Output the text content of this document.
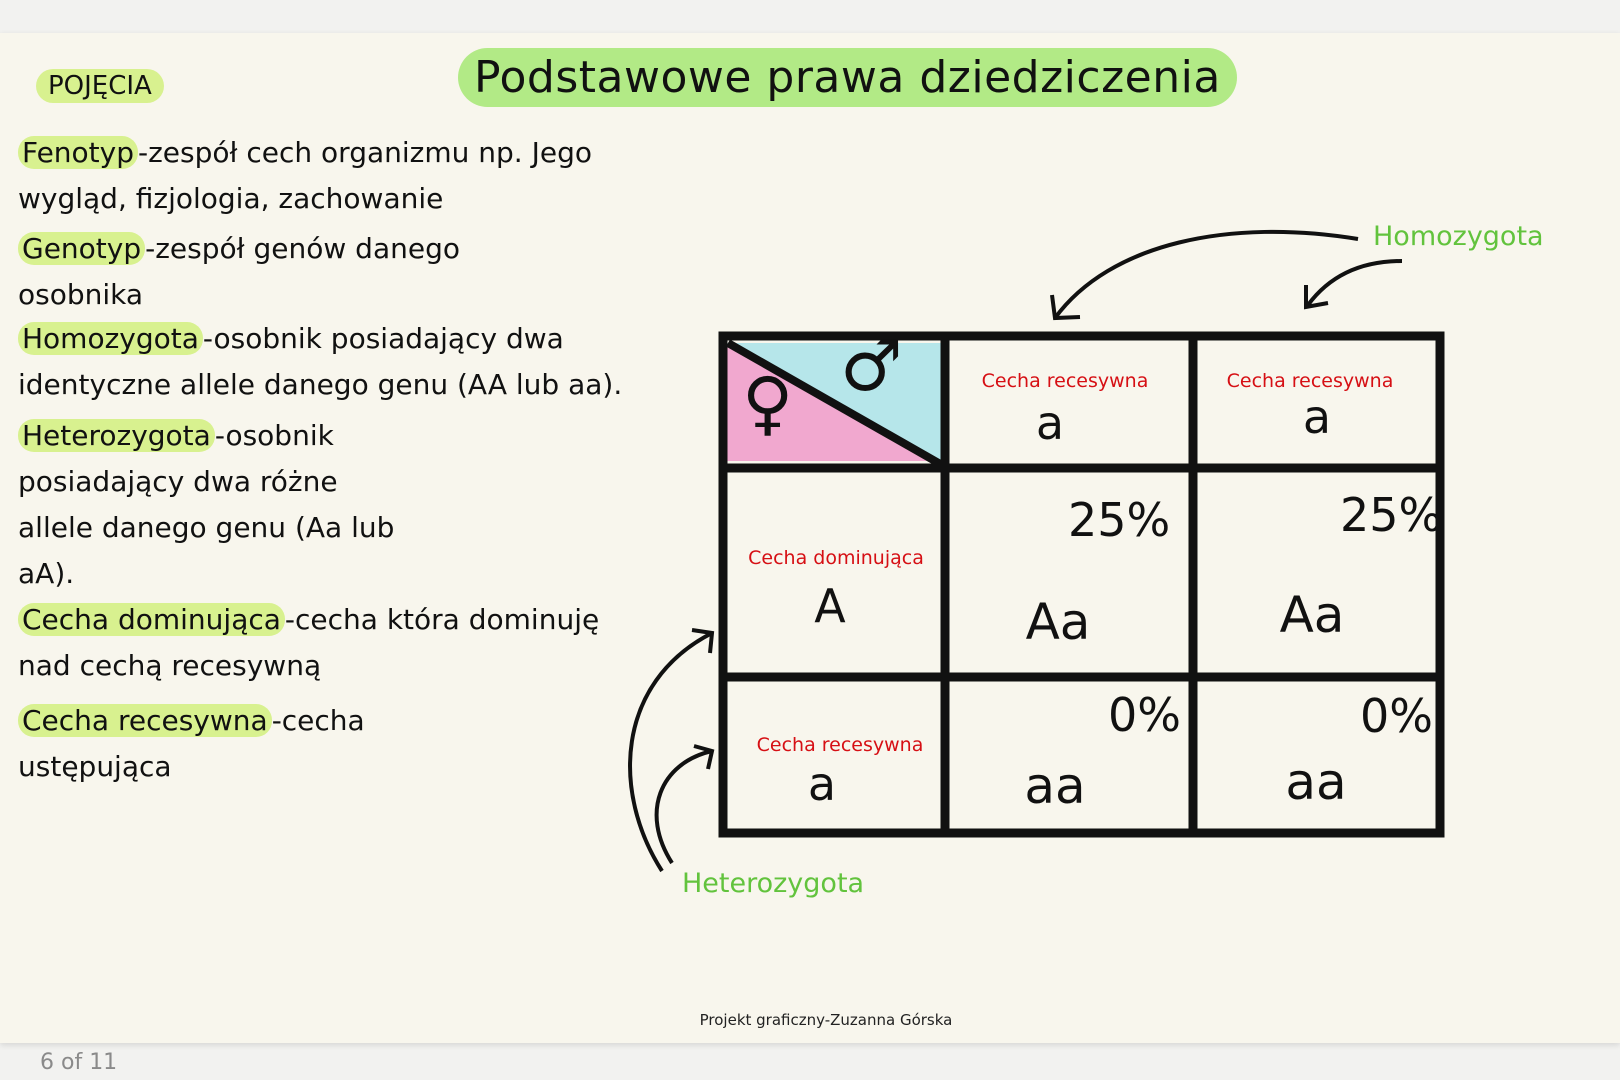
POJĘCIA	Podstawowe prawa dziedziczenia
Fenotyp -zespół cech organizmu np. Jego
wygląd, fizjologia, zachowanie
Genotyp -zespół genów danego
osobnika
Homozygota -osobnik posiadający dwa
identyczne allele danego genu (AA lub aa).
Heterozygota -osobnik
posiadający dwa różne
allele danego genu (Aa lub
aA).
Cecha dominująca -cecha która dominuję
nad cechą recesywną
Cecha recesywna -cecha
ustępująca
♀ ♂	Cecha recesywna
a
Cecha recesywna
a
Cecha dominująca
A
25%
Aa
25%
Aa
Cecha recesywna
a
0%
aa
0%
aa
Homozygota
Heterozygota
Projekt graficzny-Zuzanna Górska
6 of 11
